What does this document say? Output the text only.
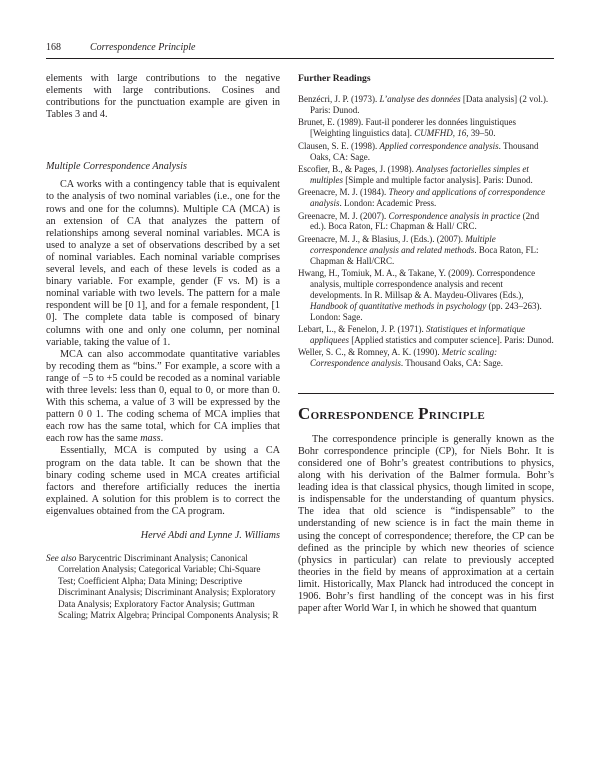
168	Correspondence Principle

elements with large contributions to the negative elements with large contributions. Cosines and contributions for the punctuation example are given in Tables 3 and 4.

Multiple Correspondence Analysis

CA works with a contingency table that is equivalent to the analysis of two nominal variables (i.e., one for the rows and one for the columns). Multiple CA (MCA) is an extension of CA that analyzes the pattern of relationships among several nominal variables. MCA is used to analyze a set of observations described by a set of nominal variables. Each nominal variable comprises several levels, and each of these levels is coded as a binary variable. For example, gender (F vs. M) is a nominal variable with two levels. The pattern for a male respondent will be [0 1], and for a female respondent, [1 0]. The complete data table is composed of binary columns with one and only one column, per nominal variable, taking the value of 1.

MCA can also accommodate quantitative variables by recoding them as “bins.” For example, a score with a range of −5 to +5 could be recoded as a nominal variable with three levels: less than 0, equal to 0, or more than 0. With this schema, a value of 3 will be expressed by the pattern 0 0 1. The coding schema of MCA implies that each row has the same total, which for CA implies that each row has the same mass.

Essentially, MCA is computed by using a CA program on the data table. It can be shown that the binary coding scheme used in MCA creates artificial factors and therefore artificially reduces the inertia explained. A solution for this problem is to correct the eigenvalues obtained from the CA program.

Hervé Abdi and Lynne J. Williams

See also Barycentric Discriminant Analysis; Canonical Correlation Analysis; Categorical Variable; Chi-Square Test; Coefficient Alpha; Data Mining; Descriptive Discriminant Analysis; Discriminant Analysis; Exploratory Data Analysis; Exploratory Factor Analysis; Guttman Scaling; Matrix Algebra; Principal Components Analysis; R

Further Readings

Benzécri, J. P. (1973). L’analyse des données [Data analysis] (2 vol.). Paris: Dunod.

Brunet, E. (1989). Faut-il ponderer les données linguistiques [Weighting linguistics data]. CUMFHD, 16, 39–50.

Clausen, S. E. (1998). Applied correspondence analysis. Thousand Oaks, CA: Sage.

Escofier, B., & Pages, J. (1998). Analyses factorielles simples et multiples [Simple and multiple factor analysis]. Paris: Dunod.

Greenacre, M. J. (1984). Theory and applications of correspondence analysis. London: Academic Press.

Greenacre, M. J. (2007). Correspondence analysis in practice (2nd ed.). Boca Raton, FL: Chapman & Hall/ CRC.

Greenacre, M. J., & Blasius, J. (Eds.). (2007). Multiple correspondence analysis and related methods. Boca Raton, FL: Chapman & Hall/CRC.

Hwang, H., Tomiuk, M. A., & Takane, Y. (2009). Correspondence analysis, multiple correspondence analysis and recent developments. In R. Millsap & A. Maydeu-Olivares (Eds.), Handbook of quantitative methods in psychology (pp. 243–263). London: Sage.

Lebart, L., & Fenelon, J. P. (1971). Statistiques et informatique appliquees [Applied statistics and computer science]. Paris: Dunod.

Weller, S. C., & Romney, A. K. (1990). Metric scaling: Correspondence analysis. Thousand Oaks, CA: Sage.

Correspondence Principle

The correspondence principle is generally known as the Bohr correspondence principle (CP), for Niels Bohr. It is considered one of Bohr’s greatest contributions to physics, along with his derivation of the Balmer formula. Bohr’s leading idea is that classical physics, though limited in scope, is indispensable for the understanding of quantum physics. The idea that old science is “indispensable” to the understanding of new science is in fact the main theme in using the concept of correspondence; therefore, the CP can be defined as the principle by which new theories of science (physics in particular) can relate to previously accepted theories in the field by means of approximation at a certain limit. Historically, Max Planck had introduced the concept in 1906. Bohr’s first handling of the concept was in his first paper after World War I, in which he showed that quantum
